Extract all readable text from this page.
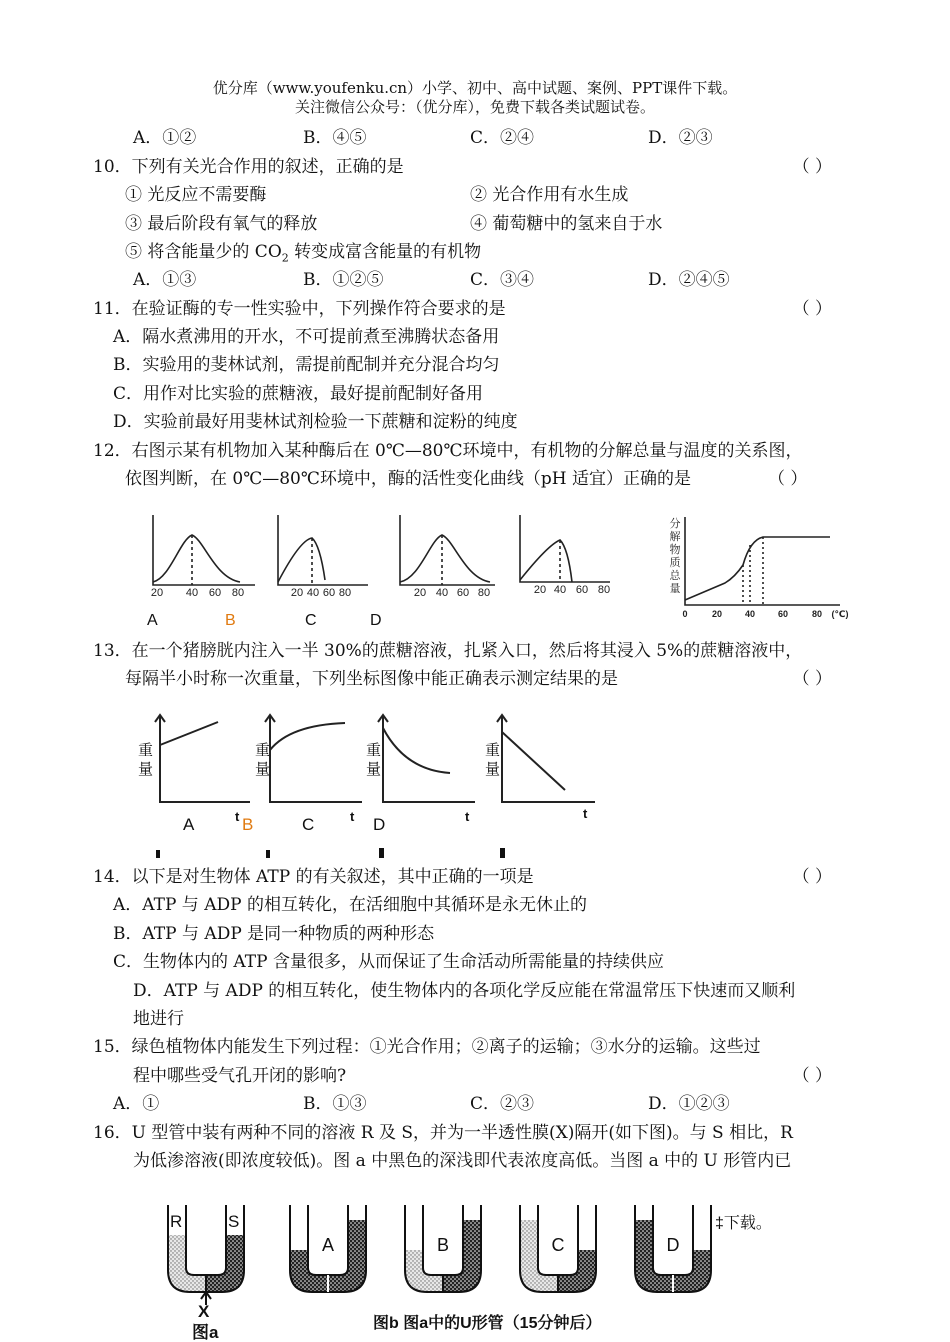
优分库（www.youfenku.cn）小学、初中、高中试题、案例、PPT课件下载。
关注微信公众号：（优分库），免费下载各类试题试卷。
A．①②	B．④⑤	C．②④	D．②③
10．下列有关光合作用的叙述，正确的是	（ ）
① 光反应不需要酶	② 光合作用有水生成
③ 最后阶段有氧气的释放	④ 葡萄糖中的氢来自于水
⑤ 将含能量少的 $CO_2$ 转变成富含能量的有机物
A．①③	B．①②⑤	C．③④	D．②④⑤
11．在验证酶的专一性实验中，下列操作符合要求的是	（ ）
A．隔水煮沸用的开水，不可提前煮至沸腾状态备用
B．实验用的斐林试剂，需提前配制并充分混合均匀
C．用作对比实验的蔗糖液，最好提前配制好备用
D．实验前最好用斐林试剂检验一下蔗糖和淀粉的纯度
12．右图示某有机物加入某种酶后在 0℃—80℃环境中，有机物的分解总量与温度的关系图，
依图判断，在 0℃—80℃环境中，酶的活性变化曲线（pH 适宜）正确的是	（ ）
20 40 60 80	20 40 60 80	20 40 60 80	20 40 60 80
A	B	C	D
分
解
物
质
总
量
0	20	40	60	80 (℃)
13．在一个猪膀胱内注入一半 30%的蔗糖溶液，扎紧入口，然后将其浸入 5%的蔗糖溶液中，
每隔半小时称一次重量，下列坐标图像中能正确表示测定结果的是	（ ）
重
量
重
量
重
量
重
量
t	t	t	t
A	B	C	D
14．以下是对生物体 ATP 的有关叙述，其中正确的一项是	（ ）
A．ATP 与 ADP 的相互转化，在活细胞中其循环是永无休止的
B．ATP 与 ADP 是同一种物质的两种形态
C．生物体内的 ATP 含量很多，从而保证了生命活动所需能量的持续供应
D．ATP 与 ADP 的相互转化，使生物体内的各项化学反应能在常温常压下快速而又顺利
地进行
15．绿色植物体内能发生下列过程：①光合作用；②离子的运输；③水分的运输。这些过
程中哪些受气孔开闭的影响?	（ ）
A．①	B．①③	C．②③	D．①②③
16．U 型管中装有两种不同的溶液 R 及 S，并为一半透性膜(X)隔开(如下图)。与 S 相比，R
为低渗溶液(即浓度较低)。图 a 中黑色的深浅即代表浓度高低。当图 a 中的 U 形管内已
R	S
X
图a
A	B	C	D
‡下载。
图b 图a中的U形管（15分钟后）
